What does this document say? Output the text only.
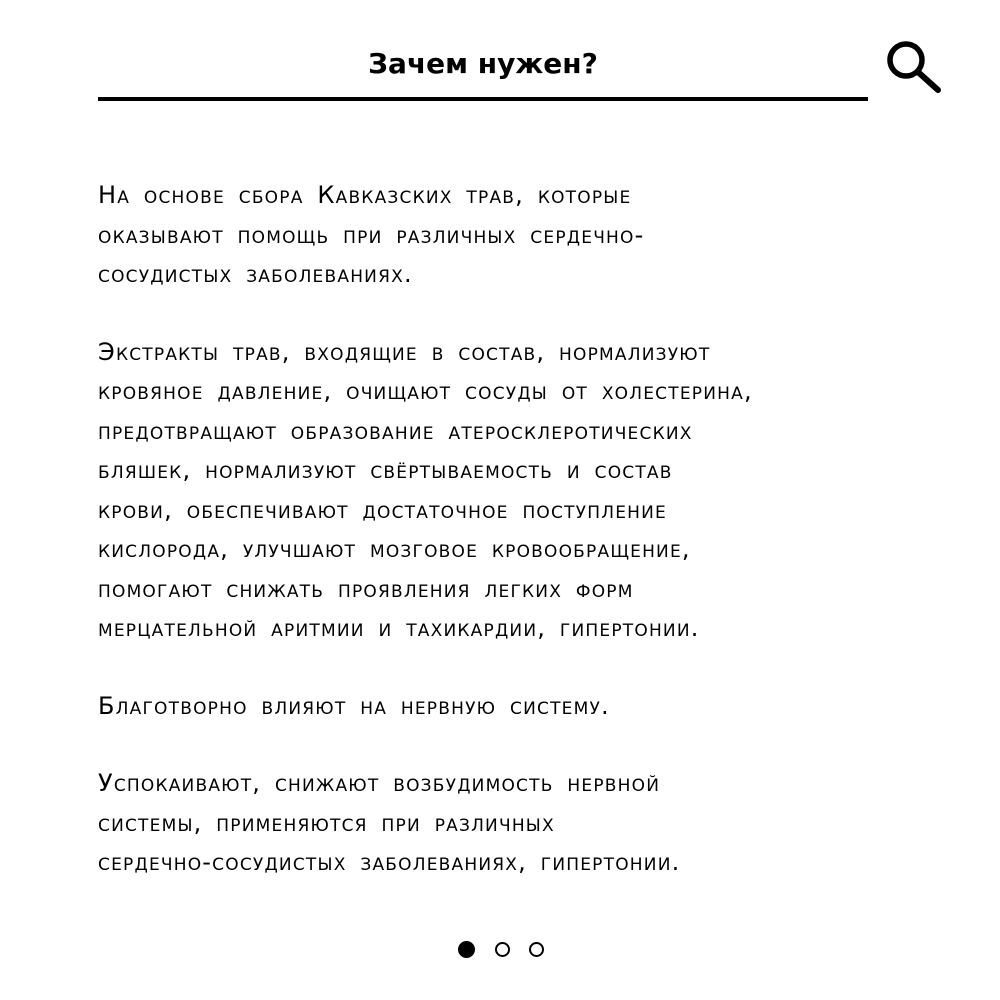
Зачем нужен?
На основе сбора Кавказских трав, которые
оказывают помощь при различных сердечно-
сосудистых заболеваниях.
Экстракты трав, входящие в состав, нормализуют
кровяное давление, очищают сосуды от холестерина,
предотвращают образование атеросклеротических
бляшек, нормализуют свёртываемость и состав
крови, обеспечивают достаточное поступление
кислорода, улучшают мозговое кровообращение,
помогают снижать проявления легких форм
мерцательной аритмии и тахикардии, гипертонии.
Благотворно влияют на нервную систему.
Успокаивают, снижают возбудимость нервной
системы, применяются при различных
сердечно-сосудистых заболеваниях, гипертонии.
